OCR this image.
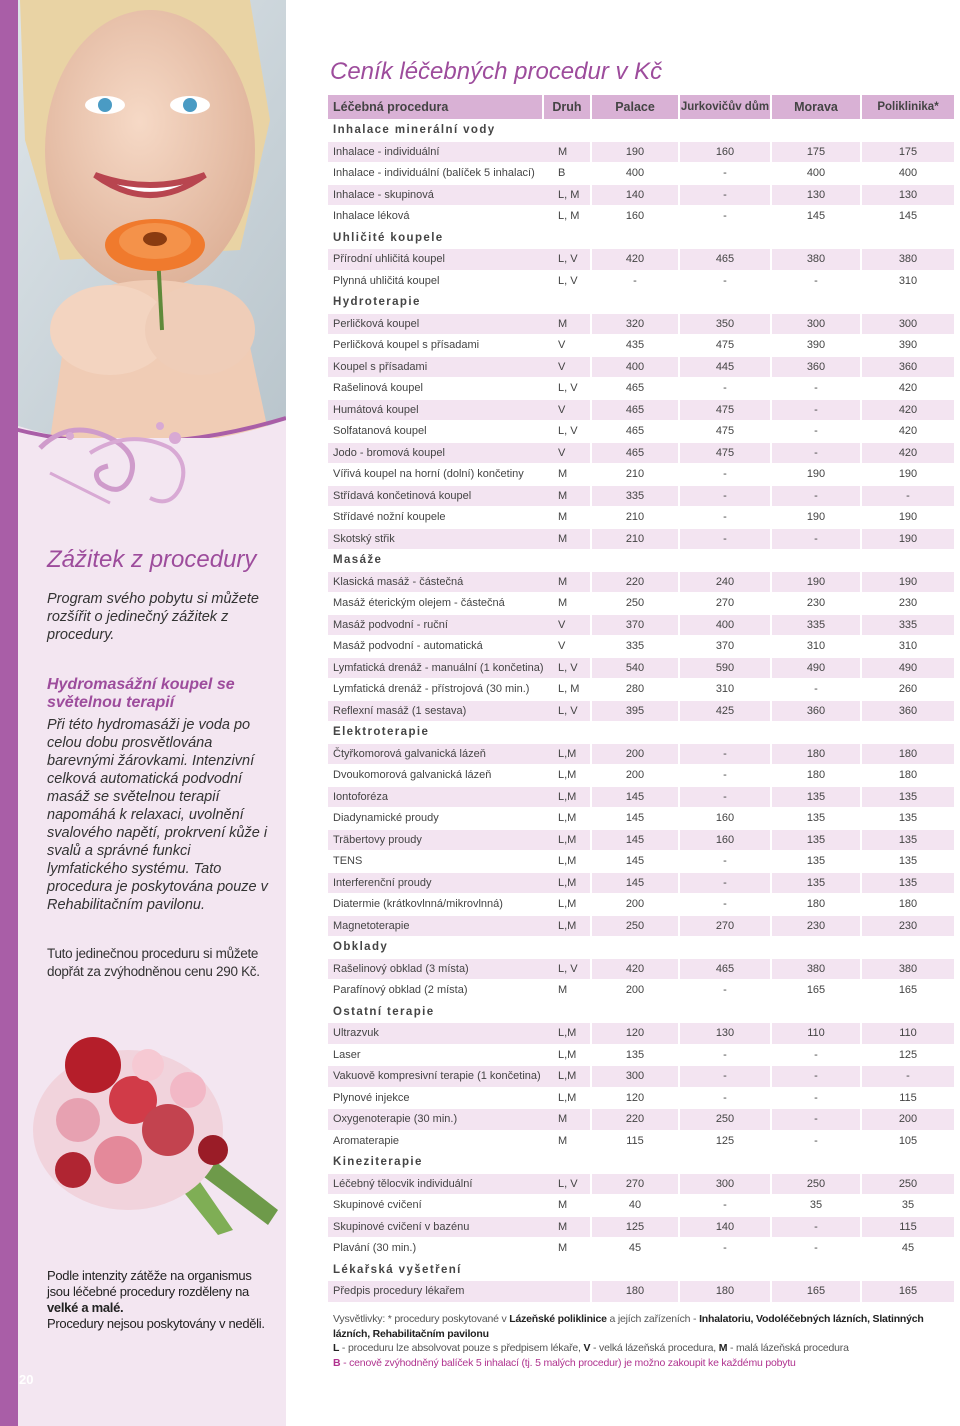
Zážitek z procedury

Program svého pobytu si můžete rozšířit o jedinečný zážitek z procedury.

Hydromasážní koupel se světelnou terapií

Při této hydromasáži je voda po celou dobu prosvětlována barevnými žárovkami. Intenzivní celková automatická podvodní masáž se světelnou terapií napomáhá k relaxaci, uvolnění svalového napětí, prokrvení kůže i svalů a správné funkci lymfatického systému. Tato procedura je poskytována pouze v Rehabilitačním pavilonu.

Tuto jedinečnou proceduru si můžete dopřát za zvýhodněnou cenu 290 Kč.

Podle intenzity zátěže na organismus jsou léčebné procedury rozděleny na velké a malé.
Procedury nejsou poskytovány v neděli.

20
Ceník léčebných procedur v Kč
Léčebná procedura	Druh	Palace	Jurkovičův dům	Morava	Poliklinika*
Inhalace minerální vody					
Inhalace - individuální	M	190	160	175	175
Inhalace - individuální (balíček 5 inhalací)	B	400	-	400	400
Inhalace - skupinová	L, M	140	-	130	130
Inhalace léková	L, M	160	-	145	145
Uhličité koupele					
Přírodní uhličitá koupel	L, V	420	465	380	380
Plynná uhličitá koupel	L, V	-	-	-	310
Hydroterapie					
Perličková koupel	M	320	350	300	300
Perličková koupel s přísadami	V	435	475	390	390
Koupel s přísadami	V	400	445	360	360
Rašelinová koupel	L, V	465	-	-	420
Humátová koupel	V	465	475	-	420
Solfatanová koupel	L, V	465	475	-	420
Jodo - bromová koupel	V	465	475	-	420
Vířivá koupel na horní (dolní) končetiny	M	210	-	190	190
Střídavá končetinová koupel	M	335	-	-	-
Střídavé nožní koupele	M	210	-	190	190
Skotský střik	M	210	-	-	190
Masáže					
Klasická masáž - částečná	M	220	240	190	190
Masáž éterickým olejem - částečná	M	250	270	230	230
Masáž podvodní - ruční	V	370	400	335	335
Masáž podvodní - automatická	V	335	370	310	310
Lymfatická drenáž - manuální (1 končetina)	L, V	540	590	490	490
Lymfatická drenáž - přístrojová (30 min.)	L, M	280	310	-	260
Reflexní masáž (1 sestava)	L, V	395	425	360	360
Elektroterapie					
Čtyřkomorová galvanická lázeň	L,M	200	-	180	180
Dvoukomorová galvanická lázeň	L,M	200	-	180	180
Iontoforéza	L,M	145	-	135	135
Diadynamické proudy	L,M	145	160	135	135
Träbertovy proudy	L,M	145	160	135	135
TENS	L,M	145	-	135	135
Interferenční proudy	L,M	145	-	135	135
Diatermie (krátkovlnná/mikrovlnná)	L,M	200	-	180	180
Magnetoterapie	L,M	250	270	230	230
Obklady					
Rašelinový obklad (3 místa)	L, V	420	465	380	380
Parafínový obklad (2 místa)	M	200	-	165	165
Ostatní terapie					
Ultrazvuk	L,M	120	130	110	110
Laser	L,M	135	-	-	125
Vakuově kompresivní terapie (1 končetina)	L,M	300	-	-	-
Plynové injekce	L,M	120	-	-	115
Oxygenoterapie (30 min.)	M	220	250	-	200
Aromaterapie	M	115	125	-	105
Kineziterapie					
Léčebný tělocvik individuální	L, V	270	300	250	250
Skupinové cvičení	M	40	-	35	35
Skupinové cvičení v bazénu	M	125	140	-	115
Plavání (30 min.)	M	45	-	-	45
Lékařská vyšetření					
Předpis procedury lékařem		180	180	165	165
Vysvětlivky: * procedury poskytované v Lázeňské poliklinice a jejích zařízeních - Inhalatoriu, Vodoléčebných lázních, Slatinných lázních, Rehabilitačním pavilonu
L - proceduru lze absolvovat pouze s předpisem lékaře, V - velká lázeňská procedura, M - malá lázeňská procedura
B - cenově zvýhodněný balíček 5 inhalací (tj. 5 malých procedur) je možno zakoupit ke každému pobytu
